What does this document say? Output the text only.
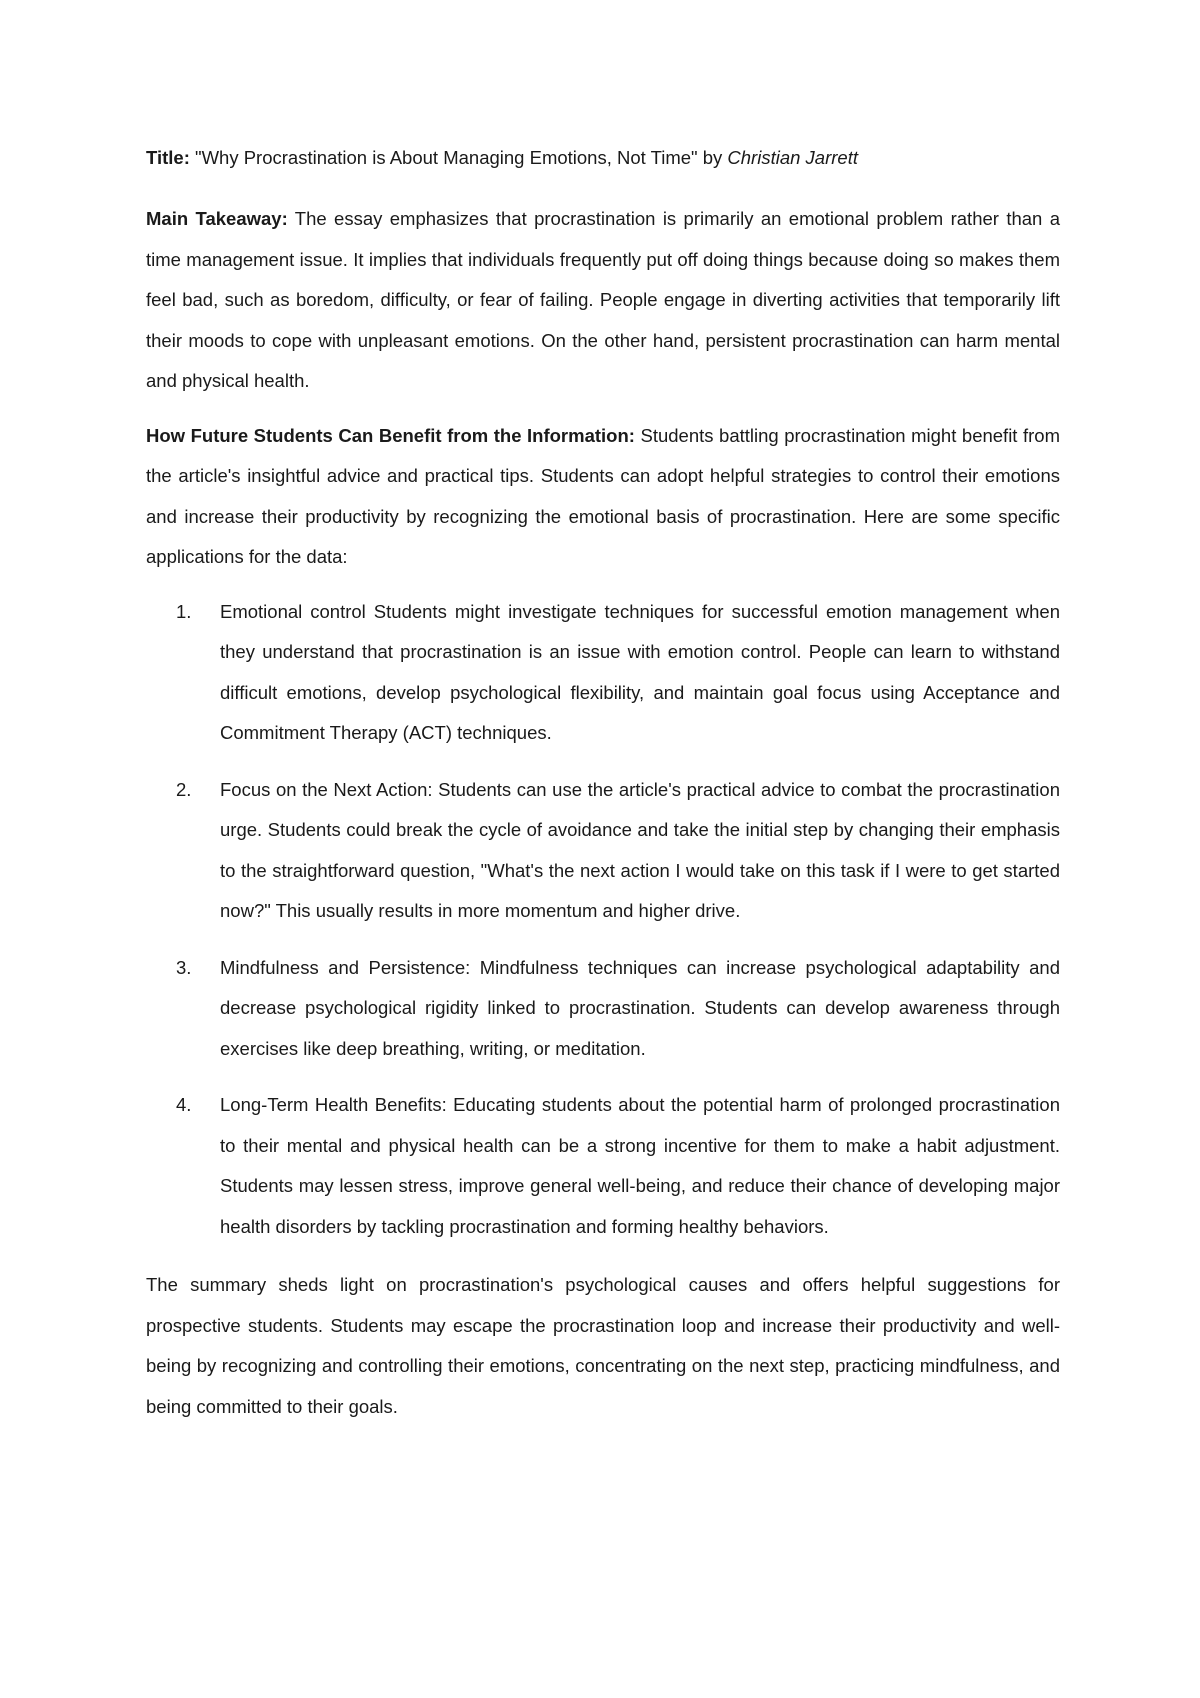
Title: "Why Procrastination is About Managing Emotions, Not Time" by Christian Jarrett

Main Takeaway: The essay emphasizes that procrastination is primarily an emotional problem rather than a time management issue. It implies that individuals frequently put off doing things because doing so makes them feel bad, such as boredom, difficulty, or fear of failing. People engage in diverting activities that temporarily lift their moods to cope with unpleasant emotions. On the other hand, persistent procrastination can harm mental and physical health.

How Future Students Can Benefit from the Information: Students battling procrastination might benefit from the article's insightful advice and practical tips. Students can adopt helpful strategies to control their emotions and increase their productivity by recognizing the emotional basis of procrastination. Here are some specific applications for the data:

1. Emotional control Students might investigate techniques for successful emotion management when they understand that procrastination is an issue with emotion control. People can learn to withstand difficult emotions, develop psychological flexibility, and maintain goal focus using Acceptance and Commitment Therapy (ACT) techniques.
2. Focus on the Next Action: Students can use the article's practical advice to combat the procrastination urge. Students could break the cycle of avoidance and take the initial step by changing their emphasis to the straightforward question, "What's the next action I would take on this task if I were to get started now?" This usually results in more momentum and higher drive.
3. Mindfulness and Persistence: Mindfulness techniques can increase psychological adaptability and decrease psychological rigidity linked to procrastination. Students can develop awareness through exercises like deep breathing, writing, or meditation.
4. Long-Term Health Benefits: Educating students about the potential harm of prolonged procrastination to their mental and physical health can be a strong incentive for them to make a habit adjustment. Students may lessen stress, improve general well-being, and reduce their chance of developing major health disorders by tackling procrastination and forming healthy behaviors.

The summary sheds light on procrastination's psychological causes and offers helpful suggestions for prospective students. Students may escape the procrastination loop and increase their productivity and well-being by recognizing and controlling their emotions, concentrating on the next step, practicing mindfulness, and being committed to their goals.
